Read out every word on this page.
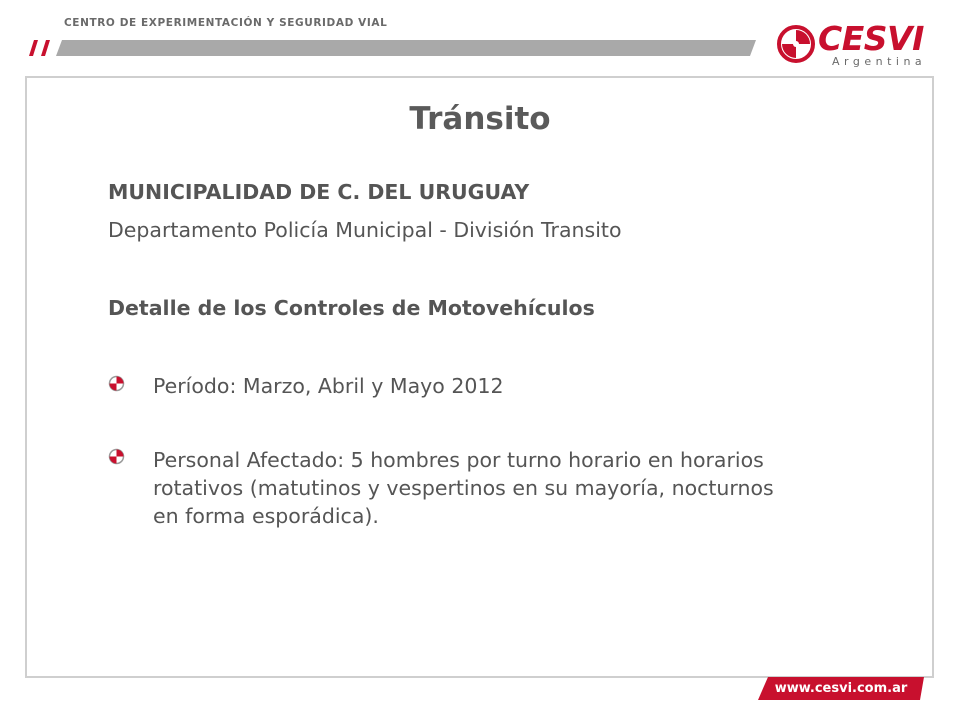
CENTRO DE EXPERIMENTACIÓN Y SEGURIDAD VIAL	CESVI
Argentina
Tránsito
MUNICIPALIDAD DE C. DEL URUGUAY
Departamento Policía Municipal - División Transito
Detalle de los Controles de Motovehículos
Período: Marzo, Abril y Mayo 2012
Personal Afectado: 5 hombres por turno horario en horarios rotativos (matutinos y vespertinos en su mayoría, nocturnos en forma esporádica).
www.cesvi.com.ar
